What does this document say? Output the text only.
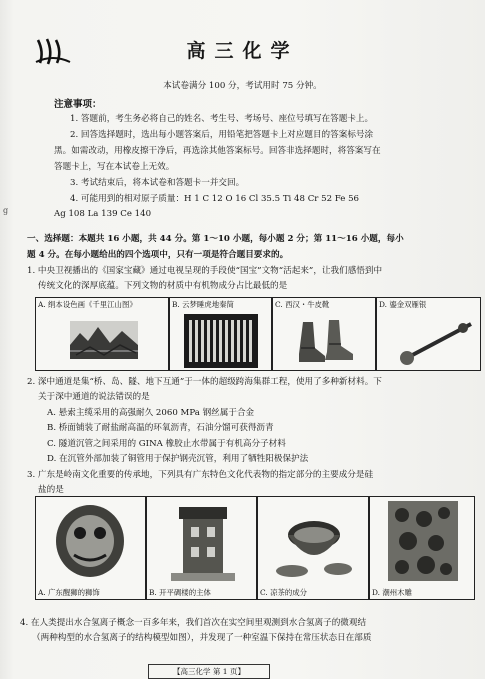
高三化学
本试卷满分 100 分，考试用时 75 分钟。
注意事项：
1. 答题前，考生务必将自己的姓名、考生号、考场号、座位号填写在答题卡上。
2. 回答选择题时，选出每小题答案后，用铅笔把答题卡上对应题目的答案标号涂
黑。如需改动，用橡皮擦干净后，再选涂其他答案标号。回答非选择题时，将答案写在
答题卡上，写在本试卷上无效。
3. 考试结束后，将本试卷和答题卡一并交回。
4. 可能用到的相对原子质量：H 1 C 12 O 16 Cl 35.5 Ti 48 Cr 52 Fe 56
Ag 108 La 139 Ce 140
g
一、选择题：本题共 16 小题，共 44 分。第 1～10 小题，每小题 2 分；第 11～16 小题，每小
题 4 分。在每小题给出的四个选项中，只有一项是符合题目要求的。
1. 中央卫视播出的《国家宝藏》通过电视呈现的手段使“国宝”文物“活起来”，让我们感悟到中
传统文化的深厚底蕴。下列文物的材质中有机物成分占比最低的是
A. 绢本设色画《千里江山图》	B. 云梦睡虎地秦简	C. 西汉・牛皮靴	D. 鎏金双雁银
2. 深中通道是集“桥、岛、隧、地下互通”于一体的超级跨海集群工程，使用了多种新材料。下
关于深中通道的说法错误的是
A. 悬索主缆采用的高强耐久 2060 MPa 钢丝属于合金
B. 桥面铺装了耐盐耐高温的环氧沥青，石油分馏可获得沥青
C. 隧道沉管之间采用的 GINA 橡胶止水带属于有机高分子材料
D. 在沉管外部加装了铜管用于保护钢壳沉管，利用了牺牲阳极保护法
3. 广东是岭南文化重要的传承地，下列具有广东特色文化代表物的指定部分的主要成分是硅
盐的是
A. 广东醒狮的狮饰	B. 开平碉楼的主体	C. 凉茶的成分	D. 潮州木雕
4. 在人类提出水合氢离子概念一百多年来，我们首次在实空间里观测到水合氢离子的微观结
（两种构型的水合氢离子的结构模型如图），并发现了一种室温下保持在常压状态日在部质
【高三化学 第 1 页】
